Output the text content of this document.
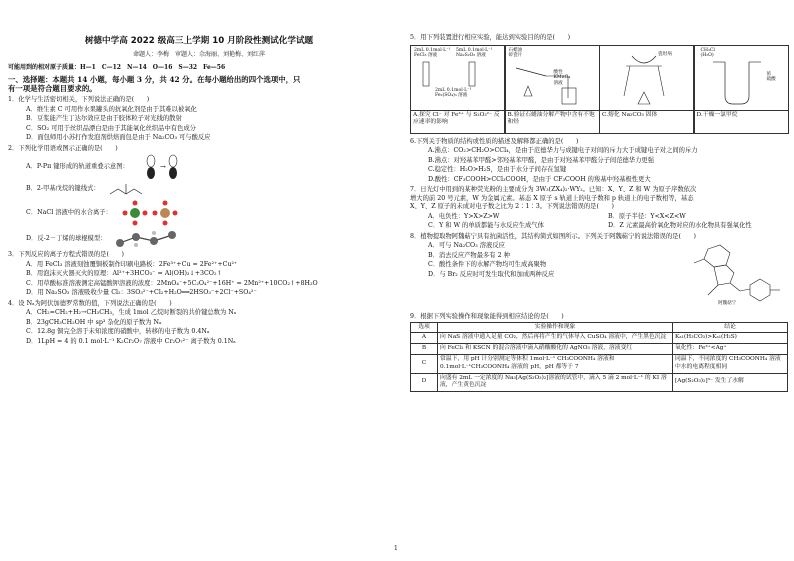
树德中学高 2022 级高三上学期 10 月阶段性测试化学试题
命题人：李梅　审题人：佘海丽、刘艳梅、刘红萍
可能用到的相对原子质量：H—1　C—12　N—14　O—16　S—32　Fe—56
一、选择题：本题共 14 小题，每小题 3 分，共 42 分。在每小题给出的四个选项中，只
有一项是符合题目要求的。
1．化学与生活密切相关，下列说法正确的是(　　)
A．维生素 C 可用作水果罐头的抗氧化剂是由于其难以被氧化
B．豆浆能产生丁达尔效应是由于胶体粒子对光线的散射
C．SO₂ 可用于丝织品漂白是由于其能氧化丝织品中有色成分
D．面包师用小苏打作发泡剂烘焙面包是由于 Na₂CO₃ 可与酸反应
2．下列化学用语或图示正确的是(　　)
A．P-Pπ 键形成的轨道重叠示意图：	→
B．2-甲基戊烷的键线式：
C．NaCl 溶液中的水合离子：
D．反-2－丁烯的球棍模型：
3．下列反应的离子方程式错误的是(　　)
A．用 FeCl₃ 溶液刻蚀覆铜板制作印刷电路板：2Fe³⁺+Cu = 2Fe²⁺+Cu²⁺
B．用泡沫灭火器灭火的原理：Al³⁺+3HCO₃⁻ = Al(OH)₃↓+3CO₂↑
C．用草酸标准溶液测定高锰酸钾溶液的浓度：2MnO₄⁻+5C₂O₄²⁻+16H⁺ = 2Mn²⁺+10CO₂↑+8H₂O
D．用 Na₂SO₃ 溶液吸收少量 Cl₂：3SO₃²⁻+Cl₂+H₂O══2HSO₃⁻+2Cl⁻+SO₄²⁻
4．设 Nₐ为阿伏加德罗常数的值，下列说法正确的是(　　)
A．CH₂=CH₂+H₂→CH₃CH₃，生成 1mol 乙烷时断裂的共价键总数为 Nₐ
B．23gCH₃CH₂OH 中 sp³ 杂化的原子数为 Nₐ
C．12.8g 铜完全溶于未知浓度的硝酸中，转移的电子数为 0.4Nₐ
D．1LpH = 4 的 0.1 mol·L⁻¹ K₂Cr₂O₇ 溶液中 Cr₂O₇²⁻ 离子数为 0.1Nₐ
5．用下列装置进行相应实验，能达到实验目的的是(　　)
2mL 0.1mol·L⁻¹
FeCl₃ 溶液
5mL 0.1mol·L⁻¹
Na₂S₂O₃ 溶液
2mL 0.1mol·L⁻¹
Fe₂(SO₄)₃ 溶液
A.探究 Cl⁻ 对 Fe³⁺ 与 S₂O₃²⁻ 反应速率的影响
石蜡油
碎瓷片
酸性
KMnO₄
溶液
B.验证石蜡油分解产物中含有不饱和烃
瓷坩埚
C.熔化 Na₂CO₃ 固体
CH₃Cl
(H₂O)
浓
硫酸
D.干燥一氯甲烷
6.下列关于物质的结构或性质的描述及解释都正确的是(　　)
A.沸点：CO₂>CH₂O>CCl₄，是由于范德华力与成键电子对间的斥力大于成键电子对之间的斥力
B.沸点：对羟基苯甲醛>邻羟基苯甲醛，是由于对羟基苯甲醛分子间范德华力更强
C.稳定性：H₂O>H₂S，是由于水分子间存在氢键
D.酸性：CF₃COOH>CCl₃COOH，是由于 CF₃COOH 的羧基中羟基极性更大
7．日光灯中用到的某种荧光粉的主要成分为 3W₃(ZX₄)₂·WY₂。已知：X、Y、Z 和 W 为原子序数依次
增大的前 20 号元素，W 为金属元素。基态 X 原子 s 轨道上的电子数和 p 轨道上的电子数相等，基态
X、Y、Z 原子的未成对电子数之比为 2∶1∶3。下列说法错误的是(　　)
A．电负性：Y>X>Z>W	B．原子半径：Y<X<Z<W
C．Y 和 W 的单质都能与水反应生成气体	D．Z 元素最高价氧化物对应的水化物具有强氧化性
8．植物提取物阿魏萜宁具有抗菌活性，其结构简式如图所示。下列关于阿魏萜宁的说法错误的是(　　)
A．可与 Na₂CO₃ 溶液反应
B．消去反应产物最多有 2 种
C．酸性条件下的水解产物均可生成高聚物
D．与 Br₂ 反应时可发生取代和加成两种反应
阿魏萜宁
9．根据下列实验操作和现象能得到相应结论的是(　　)
选项	实验操作和现象	结论
A	向 NaS 溶液中通入足量 CO₂，然后再将产生的气体导入 CuSO₄ 溶液中，产生黑色沉淀	Kₐ₁(H₂CO₃)>Kₐ₁(H₂S)
B	向 FeCl₂ 和 KSCN 的混合溶液中滴入硝酸酸化的 AgNO₃ 溶液，溶液变红	氧化性：Fe³⁺<Ag⁺
C	常温下，用 pH 计分别测定等体积 1mol·L⁻¹ CH₃COONH₄ 溶液和 0.1mol·L⁻¹CH₃COONH₄ 溶液的 pH，pH 都等于 7	同温下，不同浓度的 CH₃COONH₄ 溶液中水的电离程度相同
D	向盛有 2mL 一定浓度的 Na₃[Ag(S₂O₃)₂]溶液的试管中，滴入 5 滴 2 mol·L⁻¹ 的 KI 溶液，产生黄色沉淀	[Ag(S₂O₃)₂]³⁻ 发生了水解
1
